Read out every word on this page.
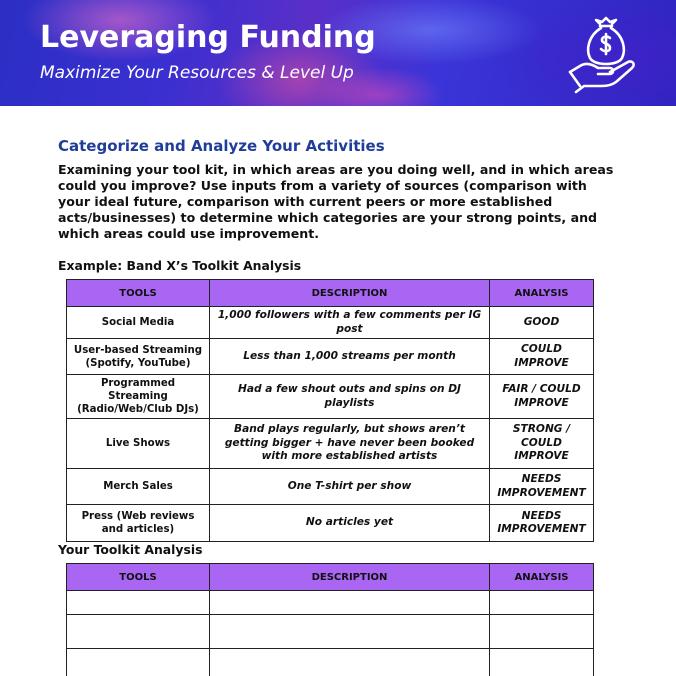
Leveraging Funding
Maximize Your Resources & Level Up
Categorize and Analyze Your Activities
Examining your tool kit, in which areas are you doing well, and in which areas could you improve? Use inputs from a variety of sources (comparison with your ideal future, comparison with current peers or more established acts/businesses) to determine which categories are your strong points, and which areas could use improvement.
Example: Band X’s Toolkit Analysis
TOOLS	DESCRIPTION	ANALYSIS
Social Media	1,000 followers with a few comments per IG post	GOOD
User-based Streaming (Spotify, YouTube)	Less than 1,000 streams per month	COULD IMPROVE
Programmed Streaming (Radio/Web/Club DJs)	Had a few shout outs and spins on DJ playlists	FAIR / COULD IMPROVE
Live Shows	Band plays regularly, but shows aren’t getting bigger + have never been booked with more established artists	STRONG / COULD IMPROVE
Merch Sales	One T-shirt per show	NEEDS IMPROVEMENT
Press (Web reviews and articles)	No articles yet	NEEDS IMPROVEMENT
Your Toolkit Analysis
TOOLS	DESCRIPTION	ANALYSIS
